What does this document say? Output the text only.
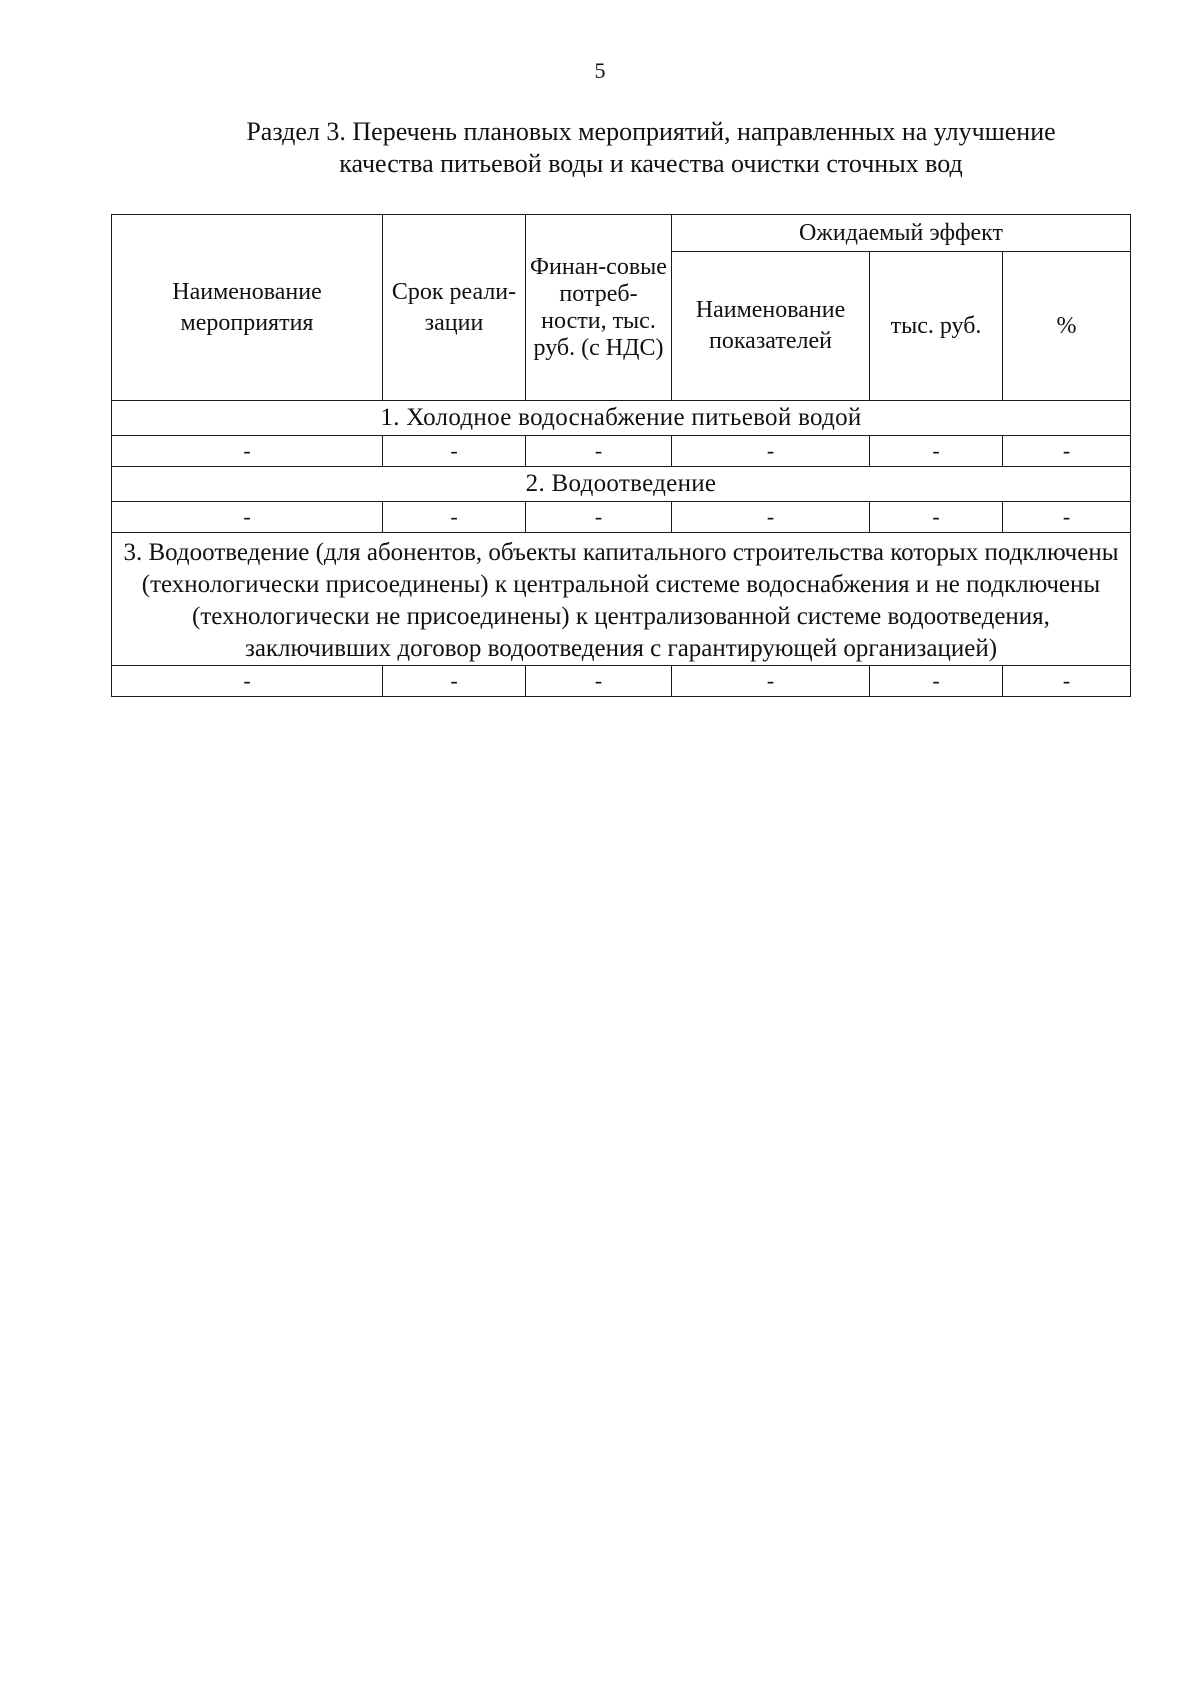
5
Раздел 3. Перечень плановых мероприятий, направленных на улучшение
качества питьевой воды и качества очистки сточных вод
Наименование мероприятия	Срок реали-зации	Финан-совые потреб-ности, тыс. руб. (с НДС)	Ожидаемый эффект		
			Наименование показателей	тыс. руб.	%
1. Холодное водоснабжение питьевой водой					
-	-	-	-	-	-
2. Водоотведение					
-	-	-	-	-	-
3. Водоотведение (для абонентов, объекты капитального строительства которых подключены (технологически присоединены) к центральной системе водоснабжения и не подключены (технологически не присоединены) к централизованной системе водоотведения, заключивших договор водоотведения с гарантирующей организацией)					
-	-	-	-	-	-
